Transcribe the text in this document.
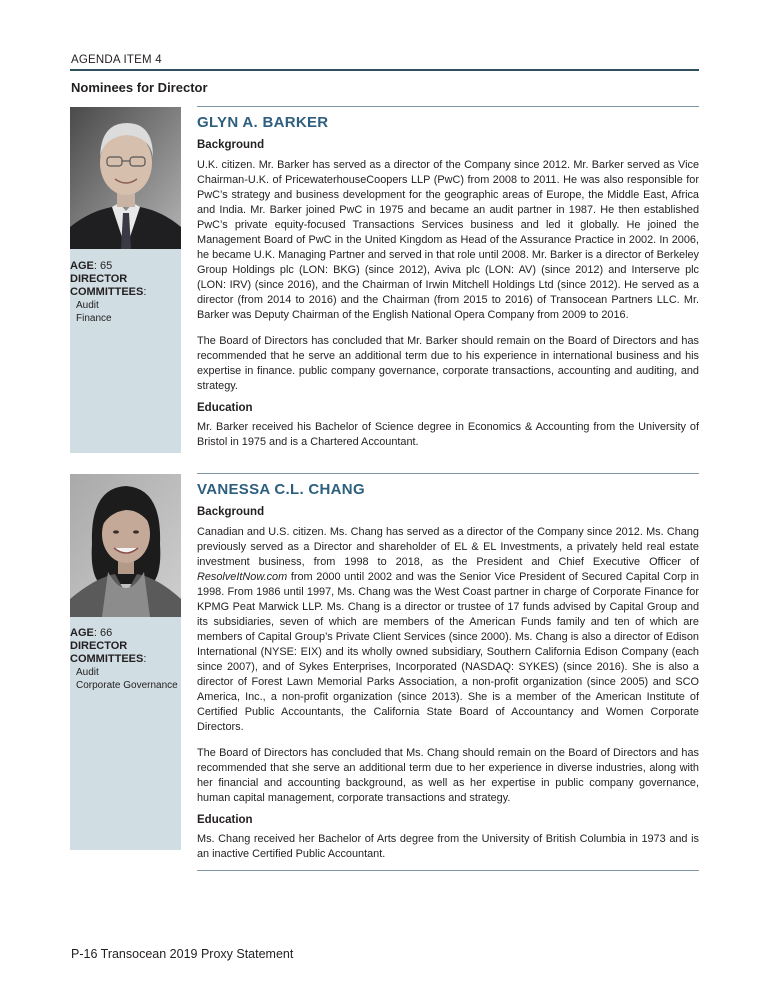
AGENDA ITEM 4
Nominees for Director
AGE: 65
DIRECTOR
COMMITTEES:
Audit
Finance
GLYN A. BARKER
Background

U.K. citizen. Mr. Barker has served as a director of the Company since 2012. Mr. Barker served as Vice Chairman-U.K. of PricewaterhouseCoopers LLP (PwC) from 2008 to 2011. He was also responsible for PwC’s strategy and business development for the geographic areas of Europe, the Middle East, Africa and India. Mr. Barker joined PwC in 1975 and became an audit partner in 1987. He then established PwC’s private equity-focused Transactions Services business and led it globally. He joined the Management Board of PwC in the United Kingdom as Head of the Assurance Practice in 2002. In 2006, he became U.K. Managing Partner and served in that role until 2008. Mr. Barker is a director of Berkeley Group Holdings plc (LON: BKG) (since 2012), Aviva plc (LON: AV) (since 2012) and Interserve plc (LON: IRV) (since 2016), and the Chairman of Irwin Mitchell Holdings Ltd (since 2012). He served as a director (from 2014 to 2016) and the Chairman (from 2015 to 2016) of Transocean Partners LLC. Mr. Barker was Deputy Chairman of the English National Opera Company from 2009 to 2016.

The Board of Directors has concluded that Mr. Barker should remain on the Board of Directors and has recommended that he serve an additional term due to his experience in international business and his expertise in finance. public company governance, corporate transactions, accounting and auditing, and strategy.

Education

Mr. Barker received his Bachelor of Science degree in Economics & Accounting from the University of Bristol in 1975 and is a Chartered Accountant.

AGE: 66
DIRECTOR
COMMITTEES:
Audit
Corporate Governance
VANESSA C.L. CHANG
Background

Canadian and U.S. citizen. Ms. Chang has served as a director of the Company since 2012. Ms. Chang previously served as a Director and shareholder of EL & EL Investments, a privately held real estate investment business, from 1998 to 2018, as the President and Chief Executive Officer of ResolveItNow.com from 2000 until 2002 and was the Senior Vice President of Secured Capital Corp in 1998. From 1986 until 1997, Ms. Chang was the West Coast partner in charge of Corporate Finance for KPMG Peat Marwick LLP. Ms. Chang is a director or trustee of 17 funds advised by Capital Group and its subsidiaries, seven of which are members of the American Funds family and ten of which are members of Capital Group’s Private Client Services (since 2000). Ms. Chang is also a director of Edison International (NYSE: EIX) and its wholly owned subsidiary, Southern California Edison Company (each since 2007), and of Sykes Enterprises, Incorporated (NASDAQ: SYKES) (since 2016). She is also a director of Forest Lawn Memorial Parks Association, a non-profit organization (since 2005) and SCO America, Inc., a non-profit organization (since 2013). She is a member of the American Institute of Certified Public Accountants, the California State Board of Accountancy and Women Corporate Directors.

The Board of Directors has concluded that Ms. Chang should remain on the Board of Directors and has recommended that she serve an additional term due to her experience in diverse industries, along with her financial and accounting background, as well as her expertise in public company governance, human capital management, corporate transactions and strategy.

Education

Ms. Chang received her Bachelor of Arts degree from the University of British Columbia in 1973 and is an inactive Certified Public Accountant.

P-16 Transocean 2019 Proxy Statement
